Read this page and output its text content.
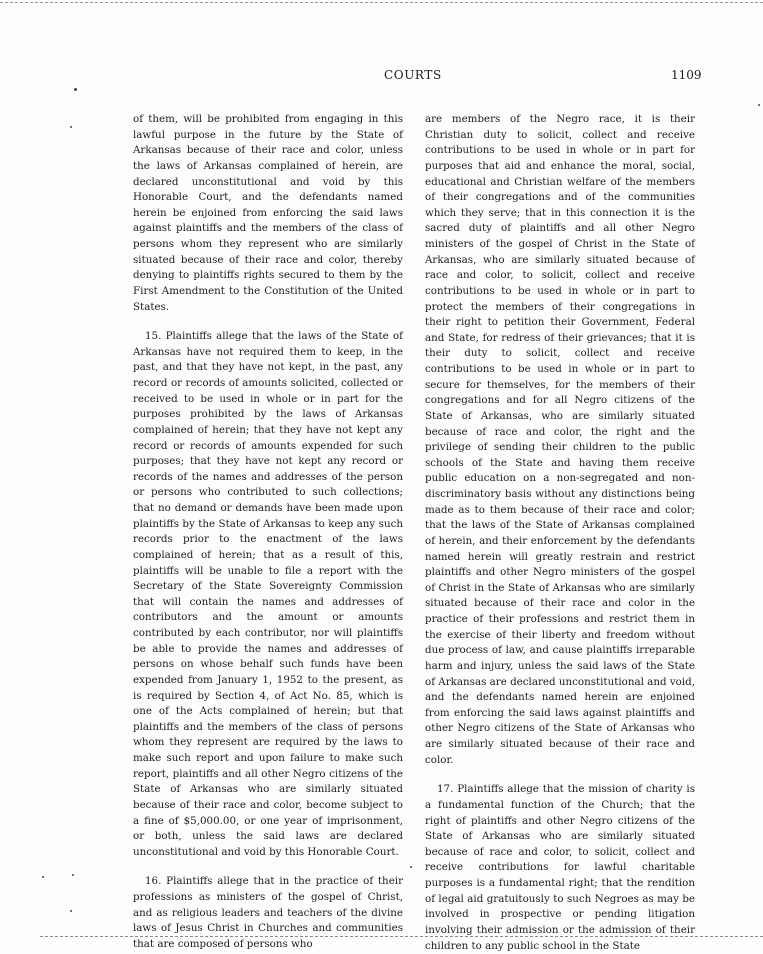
COURTS	1109

of them, will be prohibited from engaging in this lawful purpose in the future by the State of Arkansas because of their race and color, unless the laws of Arkansas complained of herein, are declared unconstitutional and void by this Honorable Court, and the defendants named herein be enjoined from enforcing the said laws against plaintiffs and the members of the class of persons whom they represent who are similarly situated because of their race and color, thereby denying to plaintiffs rights secured to them by the First Amendment to the Constitution of the United States.

15. Plaintiffs allege that the laws of the State of Arkansas have not required them to keep, in the past, and that they have not kept, in the past, any record or records of amounts solicited, collected or received to be used in whole or in part for the purposes prohibited by the laws of Arkansas complained of herein; that they have not kept any record or records of amounts expended for such purposes; that they have not kept any record or records of the names and addresses of the person or persons who contributed to such collections; that no demand or demands have been made upon plaintiffs by the State of Arkansas to keep any such records prior to the enactment of the laws complained of herein; that as a result of this, plaintiffs will be unable to file a report with the Secretary of the State Sovereignty Commission that will contain the names and addresses of contributors and the amount or amounts contributed by each contributor, nor will plaintiffs be able to provide the names and addresses of persons on whose behalf such funds have been expended from January 1, 1952 to the present, as is required by Section 4, of Act No. 85, which is one of the Acts complained of herein; but that plaintiffs and the members of the class of persons whom they represent are required by the laws to make such report and upon failure to make such report, plaintiffs and all other Negro citizens of the State of Arkansas who are similarly situated because of their race and color, become subject to a fine of $5,000.00, or one year of imprisonment, or both, unless the said laws are declared unconstitutional and void by this Honorable Court.

16. Plaintiffs allege that in the practice of their professions as ministers of the gospel of Christ, and as religious leaders and teachers of the divine laws of Jesus Christ in Churches and communities that are composed of persons who

are members of the Negro race, it is their Christian duty to solicit, collect and receive contributions to be used in whole or in part for purposes that aid and enhance the moral, social, educational and Christian welfare of the members of their congregations and of the communities which they serve; that in this connection it is the sacred duty of plaintiffs and all other Negro ministers of the gospel of Christ in the State of Arkansas, who are similarly situated because of race and color, to solicit, collect and receive contributions to be used in whole or in part to protect the members of their congregations in their right to petition their Government, Federal and State, for redress of their grievances; that it is their duty to solicit, collect and receive contributions to be used in whole or in part to secure for themselves, for the members of their congregations and for all Negro citizens of the State of Arkansas, who are similarly situated because of race and color, the right and the privilege of sending their children to the public schools of the State and having them receive public education on a non-segregated and non-discriminatory basis without any distinctions being made as to them because of their race and color; that the laws of the State of Arkansas complained of herein, and their enforcement by the defendants named herein will greatly restrain and restrict plaintiffs and other Negro ministers of the gospel of Christ in the State of Arkansas who are similarly situated because of their race and color in the practice of their professions and restrict them in the exercise of their liberty and freedom without due process of law, and cause plaintiffs irreparable harm and injury, unless the said laws of the State of Arkansas are declared unconstitutional and void, and the defendants named herein are enjoined from enforcing the said laws against plaintiffs and other Negro citizens of the State of Arkansas who are similarly situated because of their race and color.

17. Plaintiffs allege that the mission of charity is a fundamental function of the Church; that the right of plaintiffs and other Negro citizens of the State of Arkansas who are similarly situated because of race and color, to solicit, collect and receive contributions for lawful charitable purposes is a fundamental right; that the rendition of legal aid gratuitously to such Negroes as may be involved in prospective or pending litigation involving their admission or the admission of their children to any public school in the State
